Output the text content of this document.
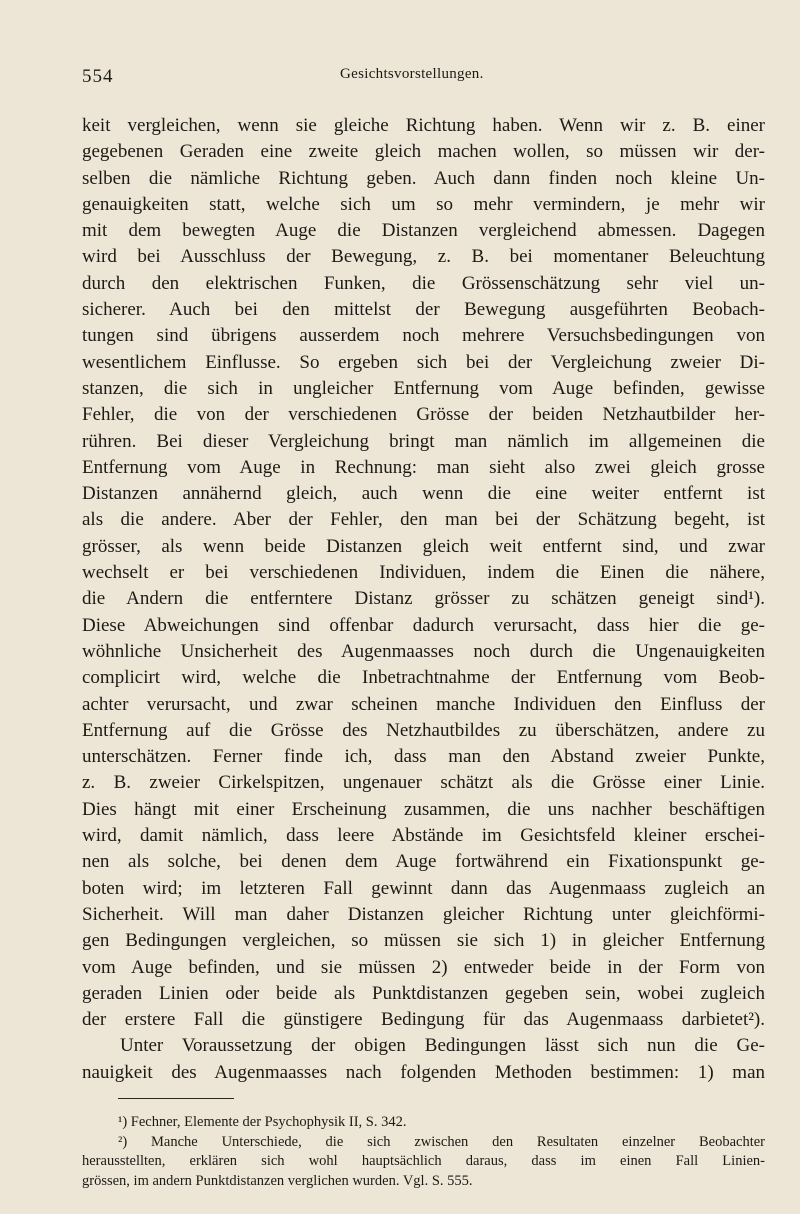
554	Gesichtsvorstellungen.
keit vergleichen, wenn sie gleiche Richtung haben. Wenn wir z. B. einer
gegebenen Geraden eine zweite gleich machen wollen, so müssen wir der-
selben die nämliche Richtung geben. Auch dann finden noch kleine Un-
genauigkeiten statt, welche sich um so mehr vermindern, je mehr wir
mit dem bewegten Auge die Distanzen vergleichend abmessen. Dagegen
wird bei Ausschluss der Bewegung, z. B. bei momentaner Beleuchtung
durch den elektrischen Funken, die Grössenschätzung sehr viel un-
sicherer. Auch bei den mittelst der Bewegung ausgeführten Beobach-
tungen sind übrigens ausserdem noch mehrere Versuchsbedingungen von
wesentlichem Einflusse. So ergeben sich bei der Vergleichung zweier Di-
stanzen, die sich in ungleicher Entfernung vom Auge befinden, gewisse
Fehler, die von der verschiedenen Grösse der beiden Netzhautbilder her-
rühren. Bei dieser Vergleichung bringt man nämlich im allgemeinen die
Entfernung vom Auge in Rechnung: man sieht also zwei gleich grosse
Distanzen annähernd gleich, auch wenn die eine weiter entfernt ist
als die andere. Aber der Fehler, den man bei der Schätzung begeht, ist
grösser, als wenn beide Distanzen gleich weit entfernt sind, und zwar
wechselt er bei verschiedenen Individuen, indem die Einen die nähere,
die Andern die entferntere Distanz grösser zu schätzen geneigt sind¹).
Diese Abweichungen sind offenbar dadurch verursacht, dass hier die ge-
wöhnliche Unsicherheit des Augenmaasses noch durch die Ungenauigkeiten
complicirt wird, welche die Inbetrachtnahme der Entfernung vom Beob-
achter verursacht, und zwar scheinen manche Individuen den Einfluss der
Entfernung auf die Grösse des Netzhautbildes zu überschätzen, andere zu
unterschätzen. Ferner finde ich, dass man den Abstand zweier Punkte,
z. B. zweier Cirkelspitzen, ungenauer schätzt als die Grösse einer Linie.
Dies hängt mit einer Erscheinung zusammen, die uns nachher beschäftigen
wird, damit nämlich, dass leere Abstände im Gesichtsfeld kleiner erschei-
nen als solche, bei denen dem Auge fortwährend ein Fixationspunkt ge-
boten wird; im letzteren Fall gewinnt dann das Augenmaass zugleich an
Sicherheit. Will man daher Distanzen gleicher Richtung unter gleichförmi-
gen Bedingungen vergleichen, so müssen sie sich 1) in gleicher Entfernung
vom Auge befinden, und sie müssen 2) entweder beide in der Form von
geraden Linien oder beide als Punktdistanzen gegeben sein, wobei zugleich
der erstere Fall die günstigere Bedingung für das Augenmaass darbietet²).
Unter Voraussetzung der obigen Bedingungen lässt sich nun die Ge-
nauigkeit des Augenmaasses nach folgenden Methoden bestimmen: 1) man
¹) Fechner, Elemente der Psychophysik II, S. 342.
²) Manche Unterschiede, die sich zwischen den Resultaten einzelner Beobachter
herausstellten, erklären sich wohl hauptsächlich daraus, dass im einen Fall Linien-
grössen, im andern Punktdistanzen verglichen wurden. Vgl. S. 555.
